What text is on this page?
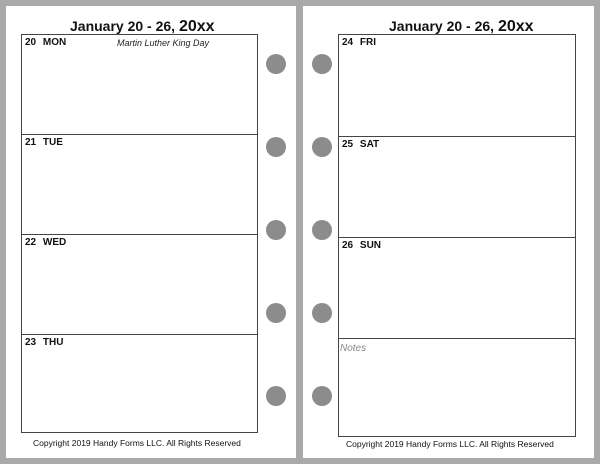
January 20 - 26, 20xx
20 MON	Martin Luther King Day
21 TUE
22 WED
23 THU
Copyright 2019 Handy Forms LLC. All Rights Reserved
January 20 - 26, 20xx
24 FRI
25 SAT
26 SUN
Notes
Copyright 2019 Handy Forms LLC. All Rights Reserved
